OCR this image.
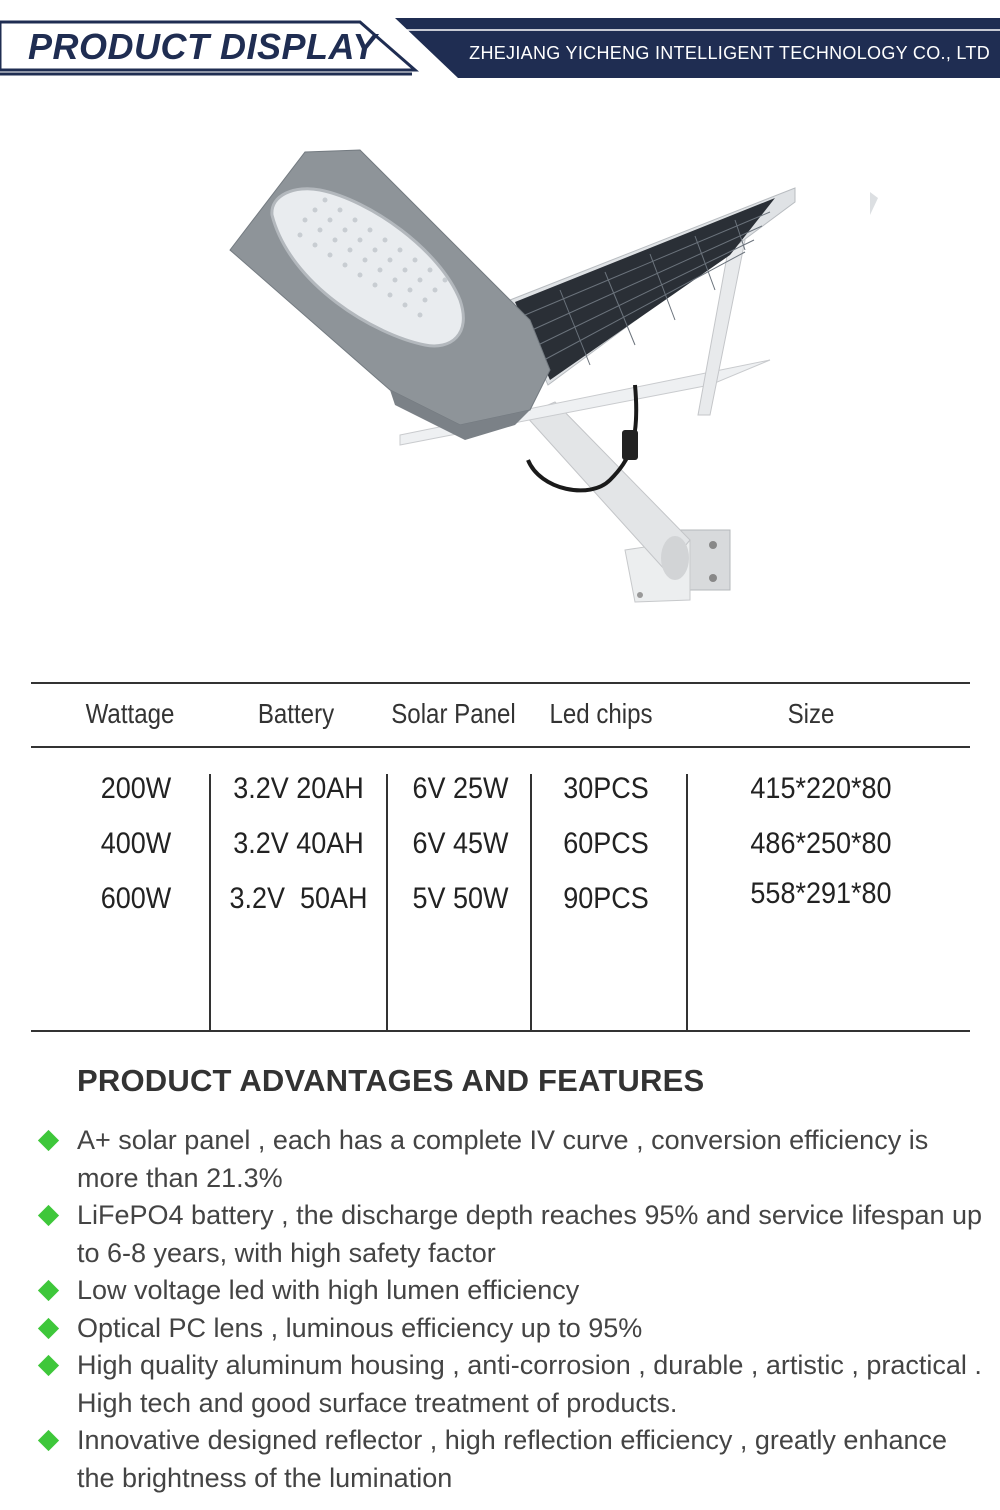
PRODUCT DISPLAY	ZHEJIANG YICHENG INTELLIGENT TECHNOLOGY CO., LTD
Wattage	Battery	Solar Panel	Led chips	Size
200W	3.2V 20AH	6V 25W	30PCS	415*220*80
400W	3.2V 40AH	6V 45W	60PCS	486*250*80
600W	3.2V  50AH	5V 50W	90PCS	558*291*80
PRODUCT ADVANTAGES AND FEATURES
A+ solar panel , each has a complete IV curve , conversion efficiency is more than 21.3%
LiFePO4 battery , the discharge depth reaches 95% and service lifespan up to 6-8 years, with high safety factor
Low voltage led with high lumen efficiency
Optical PC lens , luminous efficiency up to 95%
High quality aluminum housing , anti-corrosion , durable , artistic , practical . High tech and good surface treatment of products.
Innovative designed reflector , high reflection efficiency , greatly enhance the brightness of the lumination
